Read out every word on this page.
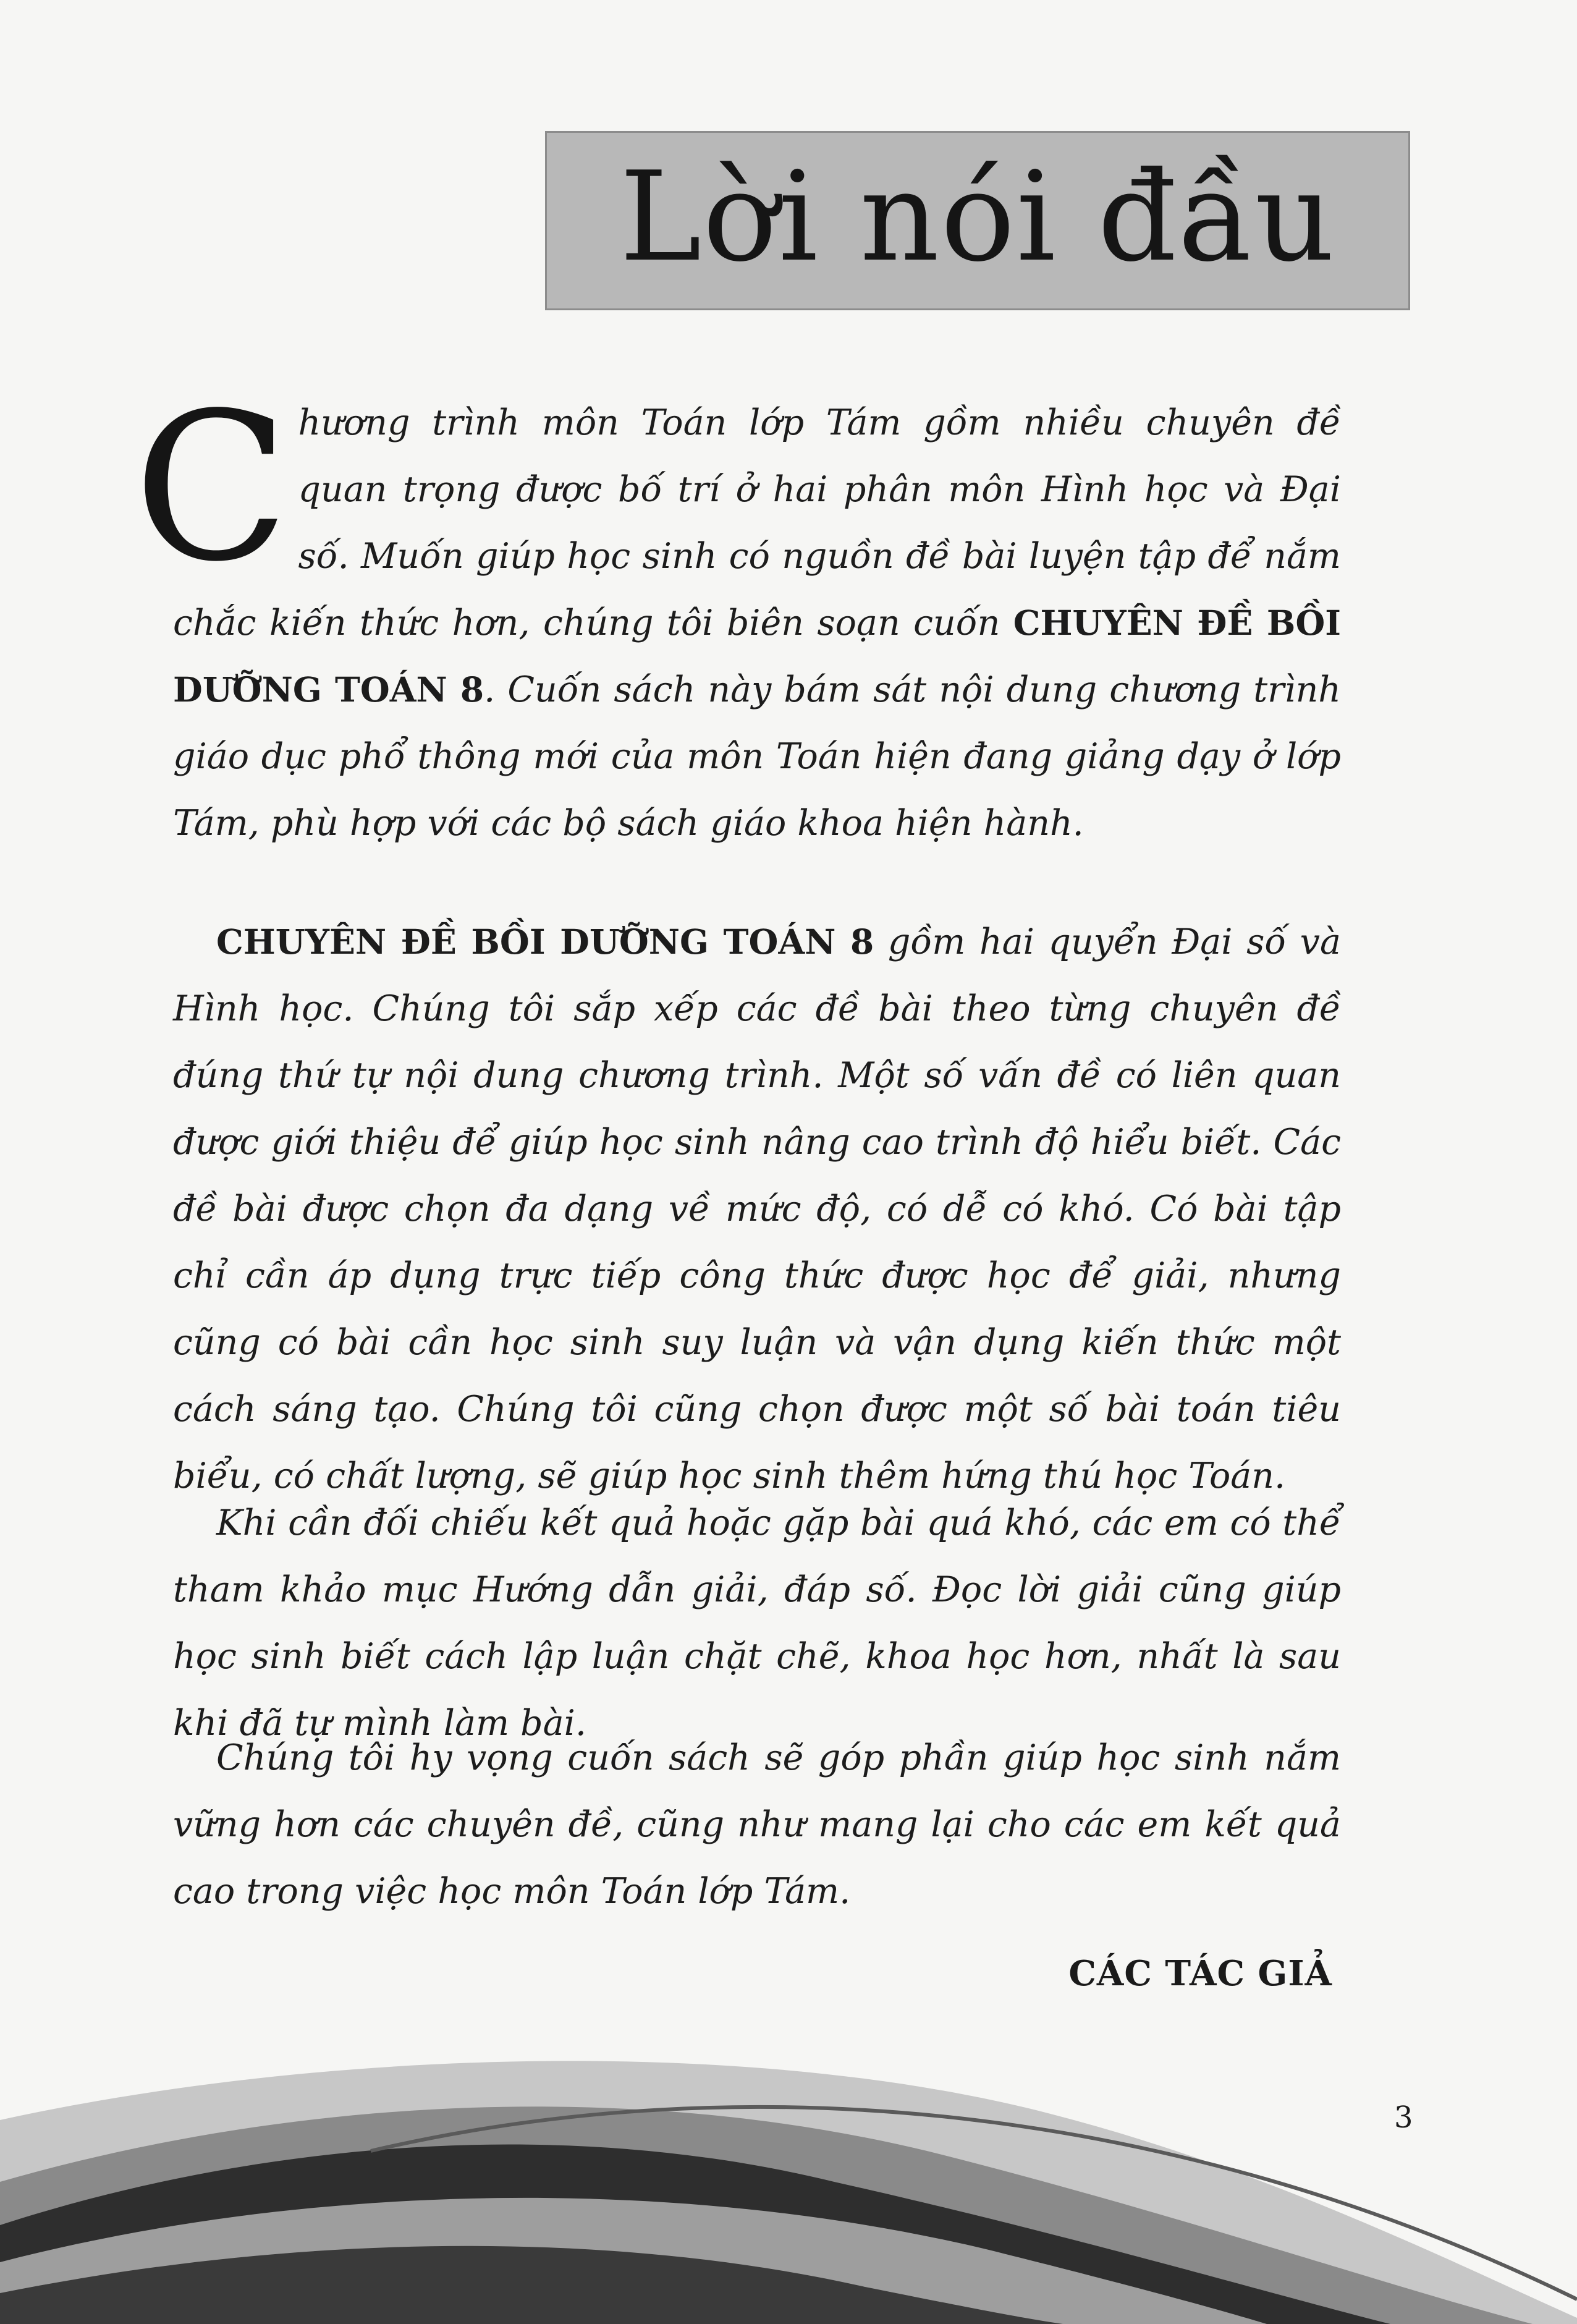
Lời nói đầu
Chương trình môn Toán lớp Tám gồm nhiều chuyên đề quan trọng được bố trí ở hai phân môn Hình học và Đại số. Muốn giúp học sinh có nguồn đề bài luyện tập để nắm chắc kiến thức hơn, chúng tôi biên soạn cuốn CHUYÊN ĐỀ BỒI DƯỠNG TOÁN 8. Cuốn sách này bám sát nội dung chương trình giáo dục phổ thông mới của môn Toán hiện đang giảng dạy ở lớp Tám, phù hợp với các bộ sách giáo khoa hiện hành.
CHUYÊN ĐỀ BỒI DƯỠNG TOÁN 8 gồm hai quyển Đại số và Hình học. Chúng tôi sắp xếp các đề bài theo từng chuyên đề đúng thứ tự nội dung chương trình. Một số vấn đề có liên quan được giới thiệu để giúp học sinh nâng cao trình độ hiểu biết. Các đề bài được chọn đa dạng về mức độ, có dễ có khó. Có bài tập chỉ cần áp dụng trực tiếp công thức được học để giải, nhưng cũng có bài cần học sinh suy luận và vận dụng kiến thức một cách sáng tạo. Chúng tôi cũng chọn được một số bài toán tiêu biểu, có chất lượng, sẽ giúp học sinh thêm hứng thú học Toán.
Khi cần đối chiếu kết quả hoặc gặp bài quá khó, các em có thể tham khảo mục Hướng dẫn giải, đáp số. Đọc lời giải cũng giúp học sinh biết cách lập luận chặt chẽ, khoa học hơn, nhất là sau khi đã tự mình làm bài.
Chúng tôi hy vọng cuốn sách sẽ góp phần giúp học sinh nắm vững hơn các chuyên đề, cũng như mang lại cho các em kết quả cao trong việc học môn Toán lớp Tám.
CÁC TÁC GIẢ
3
